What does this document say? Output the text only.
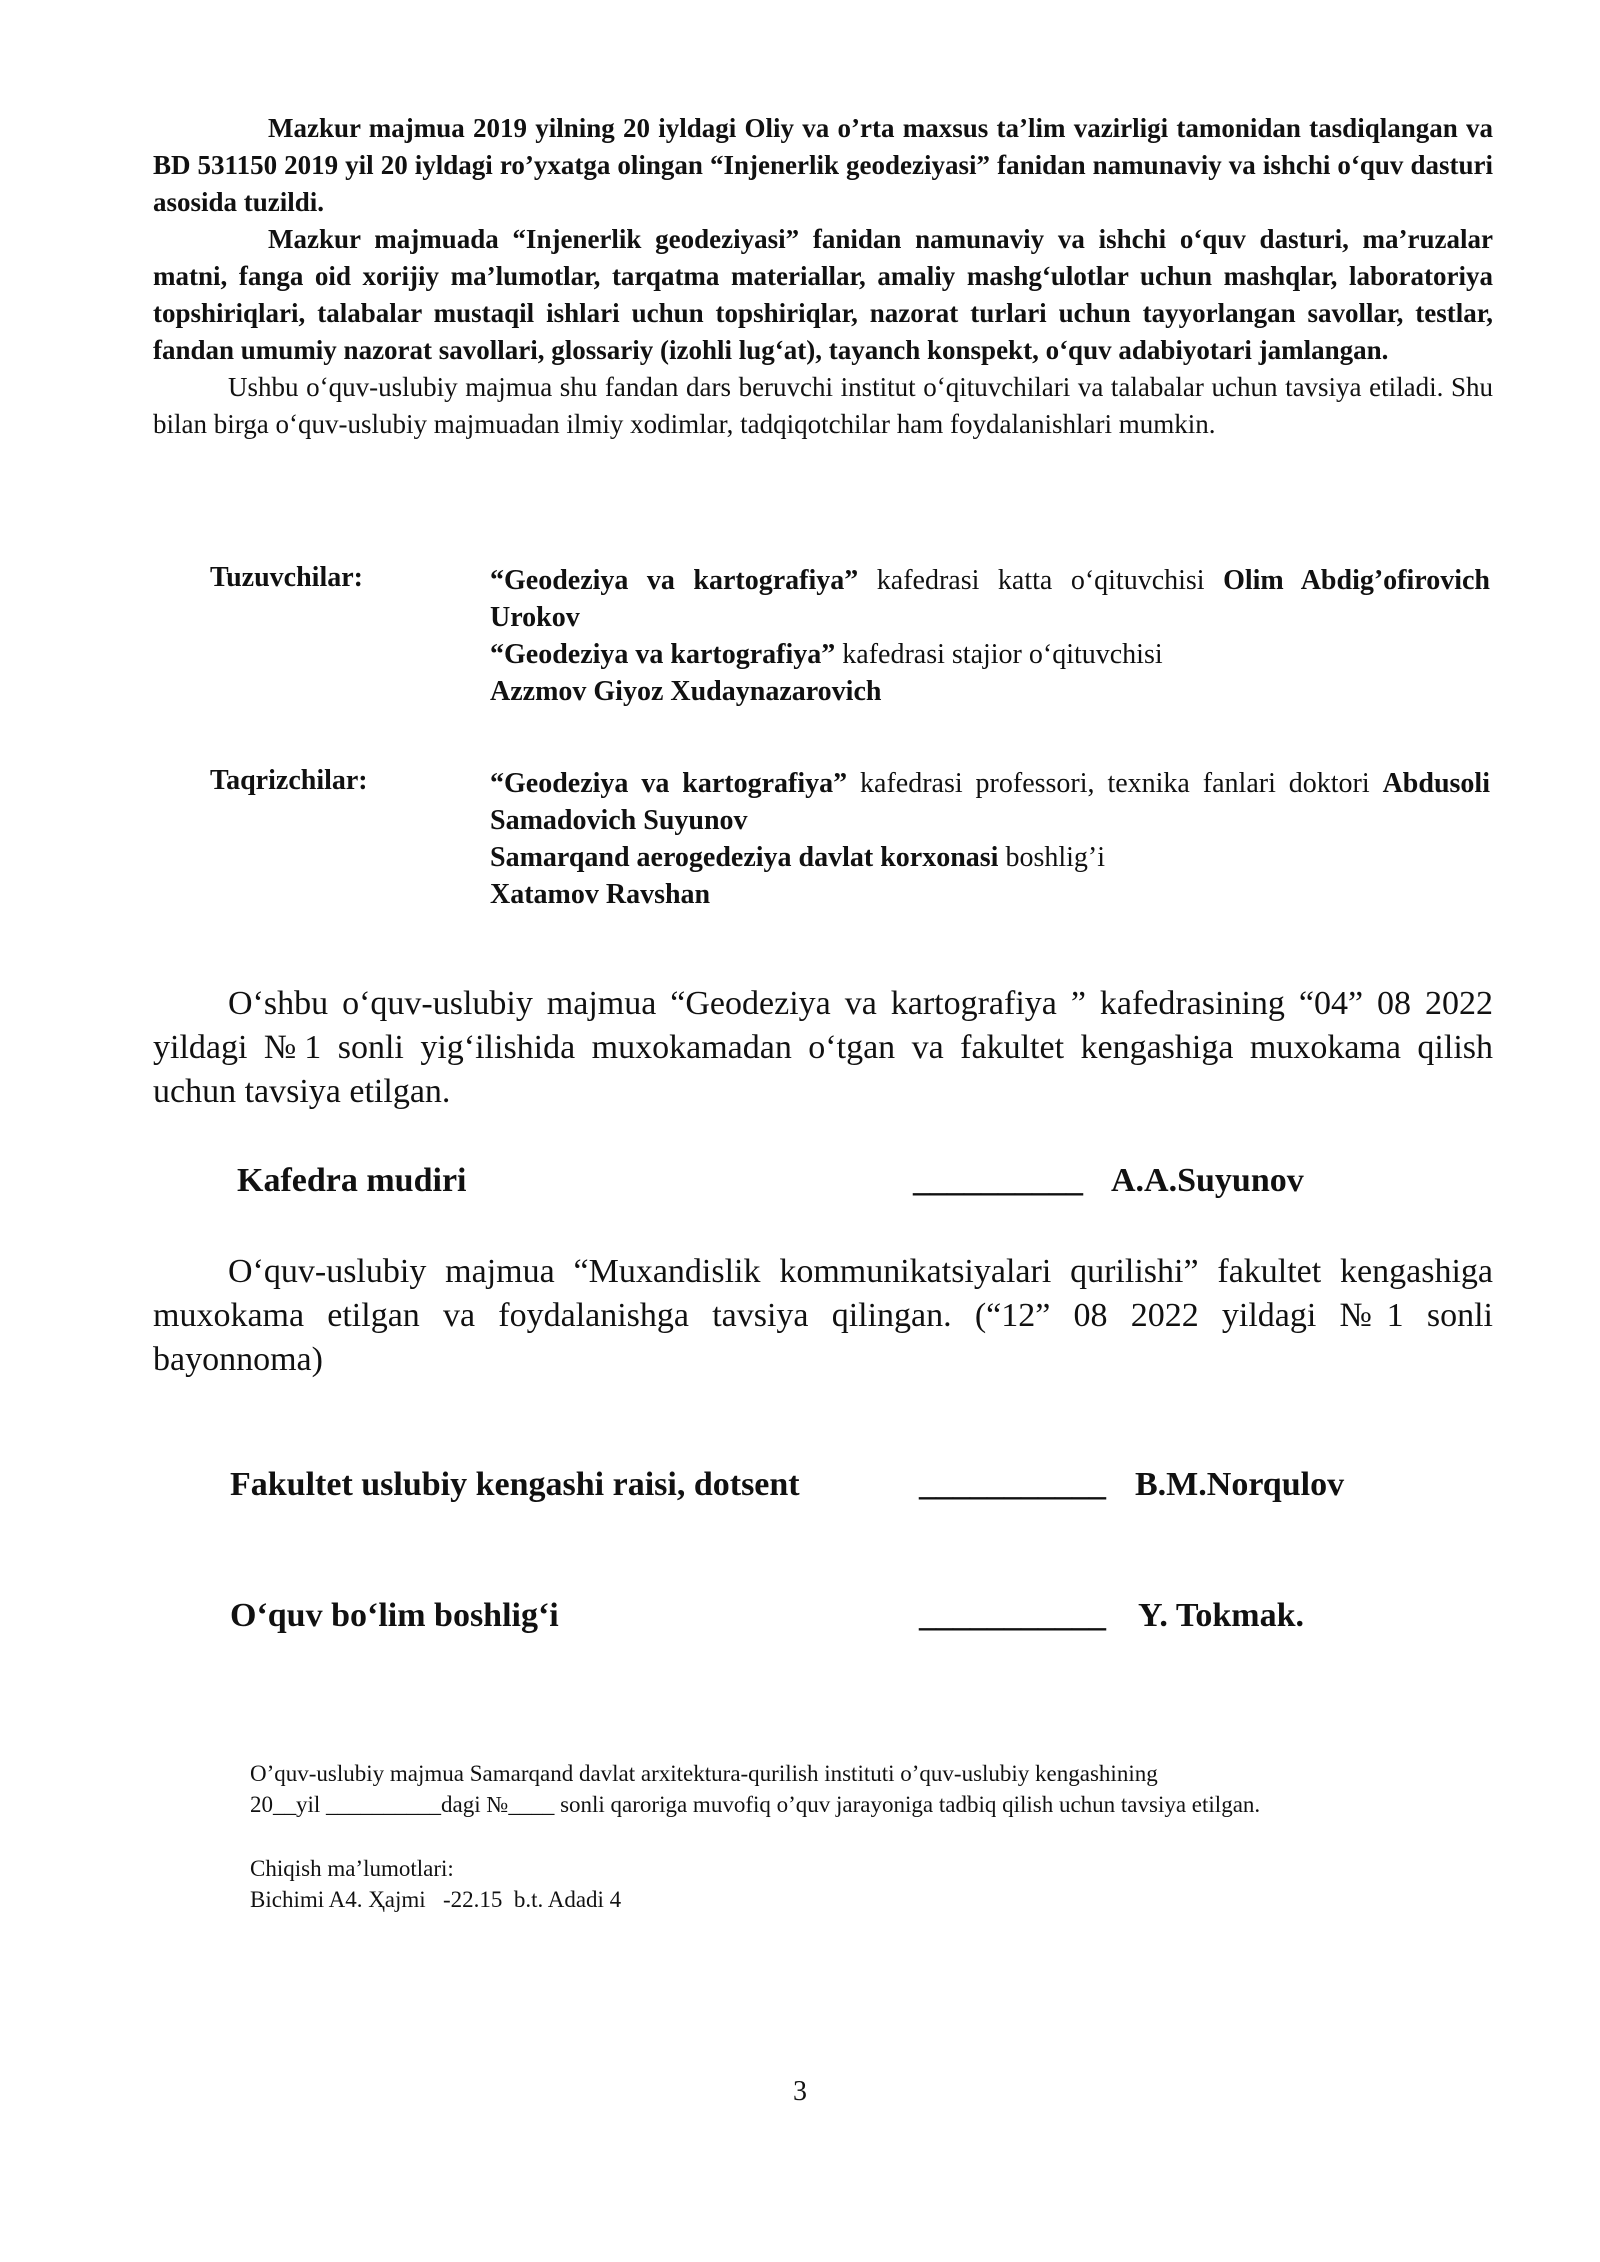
Mazkur majmua 2019 yilning 20 iyldagi Oliy va o’rta maxsus ta’lim vazirligi tamonidan tasdiqlangan va BD 531150 2019 yil 20 iyldagi ro’yxatga olingan “Injenerlik geodeziyasi” fanidan namunaviy va ishchi oʻquv dasturi asosida tuzildi.

Mazkur majmuada “Injenerlik geodeziyasi” fanidan namunaviy va ishchi oʻquv dasturi, ma’ruzalar matni, fanga oid xorijiy ma’lumotlar, tarqatma materiallar, amaliy mashgʻulotlar uchun mashqlar, laboratoriya topshiriqlari, talabalar mustaqil ishlari uchun topshiriqlar, nazorat turlari uchun tayyorlangan savollar, testlar, fandan umumiy nazorat savollari, glossariy (izohli lugʻat), tayanch konspekt, oʻquv adabiyotari jamlangan.

Ushbu oʻquv-uslubiy majmua shu fandan dars beruvchi institut oʻqituvchilari va talabalar uchun tavsiya etiladi. Shu bilan birga oʻquv-uslubiy majmuadan ilmiy xodimlar, tadqiqotchilar ham foydalanishlari mumkin.

Tuzuvchilar:	“Geodeziya va kartografiya” kafedrasi katta oʻqituvchisi Olim Abdig’ofirovich Urokov

“Geodeziya va kartografiya” kafedrasi stajior oʻqituvchisi

Azzmov Giyoz Xudaynazarovich

Taqrizchilar:	“Geodeziya va kartografiya” kafedrasi professori, texnika fanlari doktori Abdusoli Samadovich Suyunov

Samarqand aerogedeziya davlat korxonasi boshlig’i

Xatamov Ravshan

Oʻshbu oʻquv-uslubiy majmua “Geodeziya va kartografiya ” kafedrasining “04” 08 2022 yildagi №1 sonli yigʻilishida muxokamadan oʻtgan va fakultet kengashiga muxokama qilish uchun tavsiya etilgan.

Kafedra mudiri	__________ A.A.Suyunov

Oʻquv-uslubiy majmua “Muxandislik kommunikatsiyalari qurilishi” fakultet kengashiga muxokama etilgan va foydalanishga tavsiya qilingan. (“12” 08 2022 yildagi №1 sonli bayonnoma)

Fakultet uslubiy kengashi raisi, dotsent	___________ B.M.Norqulov
Oʻquv boʻlim boshligʻi	___________ Y. Tokmak.
O’quv-uslubiy majmua Samarqand davlat arxitektura-qurilish instituti o’quv-uslubiy kengashining
20__yil __________dagi №____ sonli qaroriga muvofiq o’quv jarayoniga tadbiq qilish uchun tavsiya etilgan.
Chiqish ma’lumotlari:
Bichimi A4. Ҳajmi   -22.15  b.t. Adadi 4
3
